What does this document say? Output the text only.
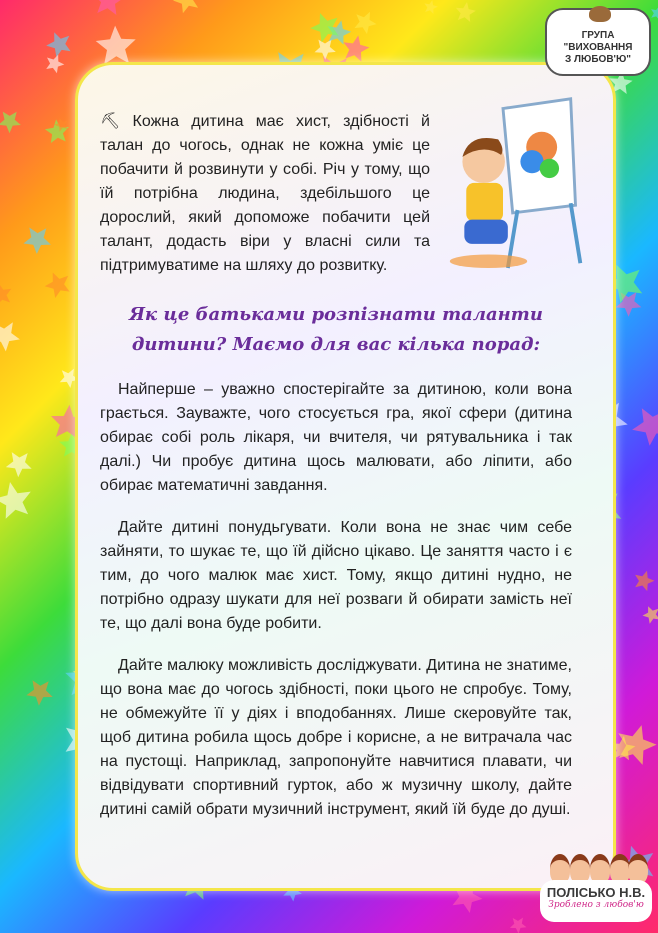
ГРУПА
"ВИХОВАННЯ
З ЛЮБОВ'Ю"
⛏ Кожна дитина має хист, здібності й талан до чогось, однак не кожна уміє це побачити й розвинути у собі. Річ у тому, що їй потрібна людина, здебільшого це дорослий, який допоможе побачити цей талант, додасть віри у власні сили та підтримуватиме на шляху до розвитку.
Як це батьками розпізнати таланти дитини? Маємо для вас кілька порад:
Найперше – уважно спостерігайте за дитиною, коли вона грається. Зауважте, чого стосується гра, якої сфери (дитина обирає собі роль лікаря, чи вчителя, чи рятувальника і так далі.) Чи пробує дитина щось малювати, або ліпити, або обирає математичні завдання.
Дайте дитині понудьгувати. Коли вона не знає чим себе зайняти, то шукає те, що їй дійсно цікаво. Це заняття часто і є тим, до чого малюк має хист. Тому, якщо дитині нудно, не потрібно одразу шукати для неї розваги й обирати замість неї те, що далі вона буде робити.
Дайте малюку можливість досліджувати. Дитина не знатиме, що вона має до чогось здібності, поки цього не спробує. Тому, не обмежуйте її у діях і вподобаннях. Лише скеровуйте так, щоб дитина робила щось добре і корисне, а не витрачала час на пустощі. Наприклад, запропонуйте навчитися плавати, чи відвідувати спортивний гурток, або ж музичну школу, дайте дитині самій обрати музичний інструмент, який їй буде до душі.
ПОЛІСЬКО Н.В.
Зроблено з любов'ю
